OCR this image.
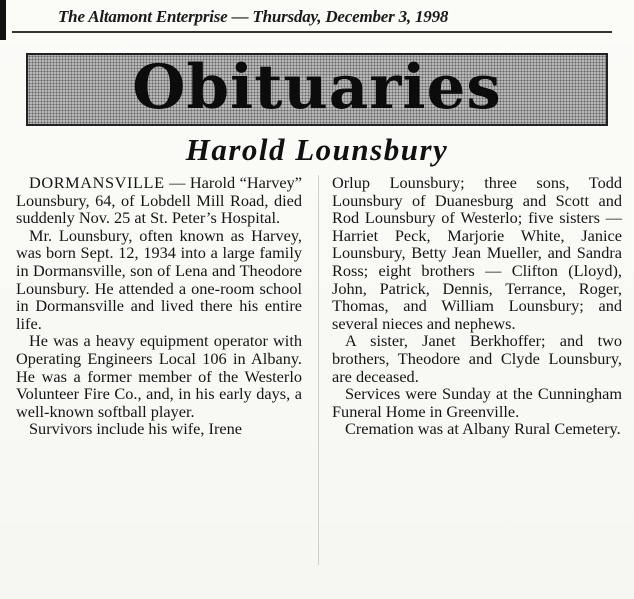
The Altamont Enterprise — Thursday, December 3, 1998
Obituaries
Harold Lounsbury

DORMANSVILLE — Harold “Harvey” Lounsbury, 64, of Lobdell Mill Road, died suddenly Nov. 25 at St. Peter’s Hospital.

Mr. Lounsbury, often known as Harvey, was born Sept. 12, 1934 into a large family in Dormansville, son of Lena and Theodore Lounsbury. He attended a one-room school in Dormansville and lived there his entire life.

He was a heavy equipment operator with Operating Engineers Local 106 in Albany. He was a former member of the Westerlo Volunteer Fire Co., and, in his early days, a well-known softball player.

Survivors include his wife, Irene

Orlup Lounsbury; three sons, Todd Lounsbury of Duanesburg and Scott and Rod Lounsbury of Westerlo; five sisters — Harriet Peck, Marjorie White, Janice Lounsbury, Betty Jean Mueller, and Sandra Ross; eight brothers — Clifton (Lloyd), John, Patrick, Dennis, Terrance, Roger, Thomas, and William Lounsbury; and several nieces and nephews.

A sister, Janet Berkhoffer; and two brothers, Theodore and Clyde Lounsbury, are deceased.

Services were Sunday at the Cunningham Funeral Home in Greenville.

Cremation was at Albany Rural Cemetery.
